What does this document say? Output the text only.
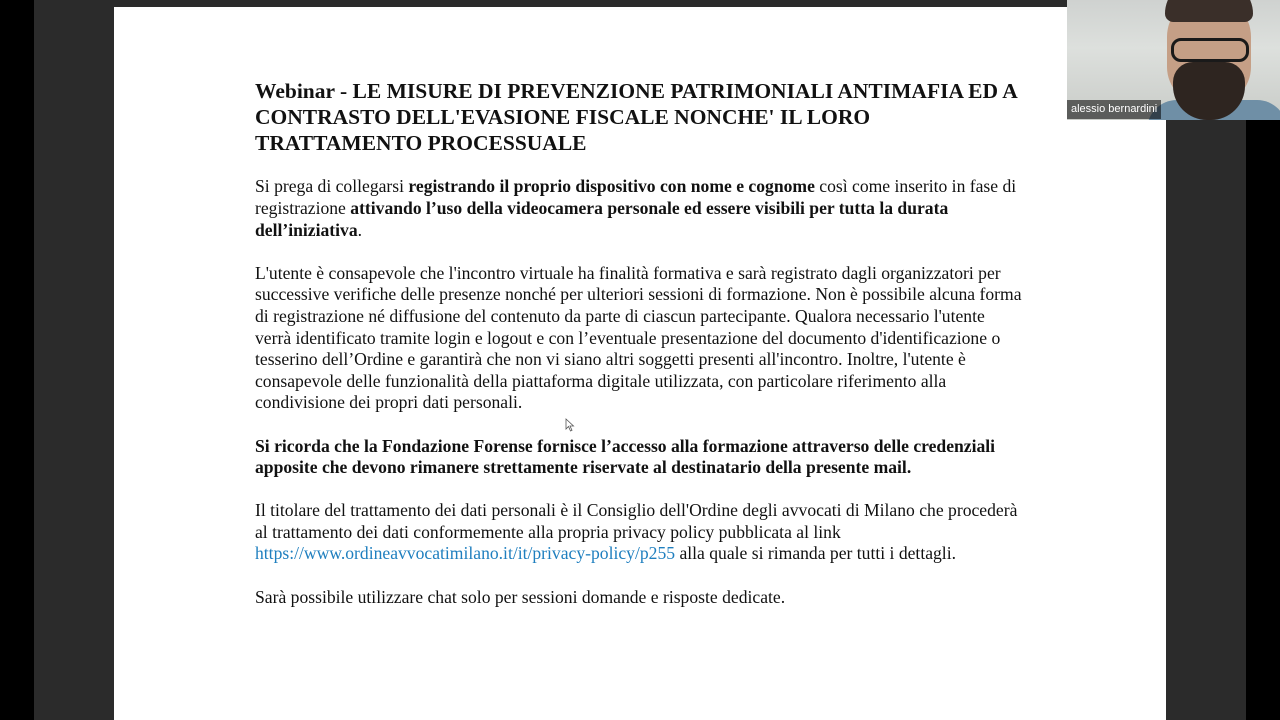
Webinar - LE MISURE DI PREVENZIONE PATRIMONIALI ANTIMAFIA ED A CONTRASTO DELL'EVASIONE FISCALE NONCHE' IL LORO TRATTAMENTO PROCESSUALE

Si prega di collegarsi registrando il proprio dispositivo con nome e cognome così come inserito in fase di registrazione attivando l’uso della videocamera personale ed essere visibili per tutta la durata dell’iniziativa.

L'utente è consapevole che l'incontro virtuale ha finalità formativa e sarà registrato dagli organizzatori per successive verifiche delle presenze nonché per ulteriori sessioni di formazione. Non è possibile alcuna forma di registrazione né diffusione del contenuto da parte di ciascun partecipante. Qualora necessario l'utente verrà identificato tramite login e logout e con l’eventuale presentazione del documento d'identificazione o tesserino dell’Ordine e garantirà che non vi siano altri soggetti presenti all'incontro. Inoltre, l'utente è consapevole delle funzionalità della piattaforma digitale utilizzata, con particolare riferimento alla condivisione dei propri dati personali.

Si ricorda che la Fondazione Forense fornisce l’accesso alla formazione attraverso delle credenziali apposite che devono rimanere strettamente riservate al destinatario della presente mail.

Il titolare del trattamento dei dati personali è il Consiglio dell'Ordine degli avvocati di Milano che procederà al trattamento dei dati conformemente alla propria privacy policy pubblicata al link https://www.ordineavvocatimilano.it/it/privacy-policy/p255 alla quale si rimanda per tutti i dettagli.

Sarà possibile utilizzare chat solo per sessioni domande e risposte dedicate.

alessio bernardini
